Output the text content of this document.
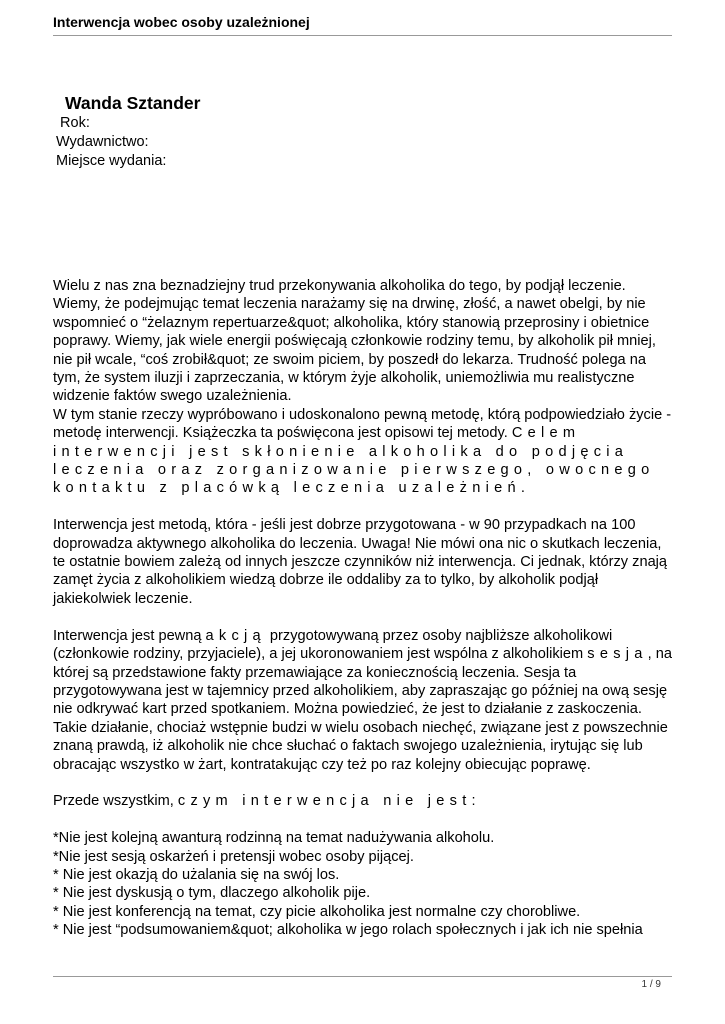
Interwencja wobec osoby uzależnionej
Wanda Sztander
Rok:
Wydawnictwo:
Miejsce wydania:

Wielu z nas zna beznadziejny trud przekonywania alkoholika do tego, by podjął leczenie. Wiemy, że podejmując temat leczenia narażamy się na drwinę, złość, a nawet obelgi, by nie wspomnieć o “żelaznym repertuarze&quot; alkoholika, który stanowią przeprosiny i obietnice poprawy. Wiemy, jak wiele energii poświęcają członkowie rodziny temu, by alkoholik pił mniej, nie pił wcale, “coś zrobił&quot; ze swoim piciem, by poszedł do lekarza. Trudność polega na tym, że system iluzji i zaprzeczania, w którym żyje alkoholik, uniemożliwia mu realistyczne widzenie faktów swego uzależnienia.

W tym stanie rzeczy wypróbowano i udoskonalono pewną metodę, którą podpowiedziało życie - metodę interwencji. Książeczka ta poświęcona jest opisowi tej metody. Celem interwencji jest skłonienie alkoholika do podjęcia leczenia oraz zorganizowanie pierwszego, owocnego kontaktu z placówką leczenia uzależnień.

Interwencja jest metodą, która - jeśli jest dobrze przygotowana - w 90 przypadkach na 100 doprowadza aktywnego alkoholika do leczenia. Uwaga! Nie mówi ona nic o skutkach leczenia, te ostatnie bowiem zależą od innych jeszcze czynników niż interwencja. Ci jednak, którzy znają zamęt życia z alkoholikiem wiedzą dobrze ile oddaliby za to tylko, by alkoholik podjął jakiekolwiek leczenie.

Interwencja jest pewną akcją przygotowywaną przez osoby najbliższe alkoholikowi (członkowie rodziny, przyjaciele), a jej ukoronowaniem jest wspólna z alkoholikiem sesja, na której są przedstawione fakty przemawiające za koniecznością leczenia. Sesja ta przygotowywana jest w tajemnicy przed alkoholikiem, aby zapraszając go później na ową sesję nie odkrywać kart przed spotkaniem. Można powiedzieć, że jest to działanie z zaskoczenia. Takie działanie, chociaż wstępnie budzi w wielu osobach niechęć, związane jest z powszechnie znaną prawdą, iż alkoholik nie chce słuchać o faktach swojego uzależnienia, irytując się lub obracając wszystko w żart, kontratakując czy też po raz kolejny obiecując poprawę.

Przede wszystkim, czym interwencja nie jest:

*Nie jest kolejną awanturą rodzinną na temat nadużywania alkoholu.
*Nie jest sesją oskarżeń i pretensji wobec osoby pijącej.
* Nie jest okazją do użalania się na swój los.
* Nie jest dyskusją o tym, dlaczego alkoholik pije.
* Nie jest konferencją na temat, czy picie alkoholika jest normalne czy chorobliwe.
* Nie jest “podsumowaniem&quot; alkoholika w jego rolach społecznych i jak ich nie spełnia
1 / 9
